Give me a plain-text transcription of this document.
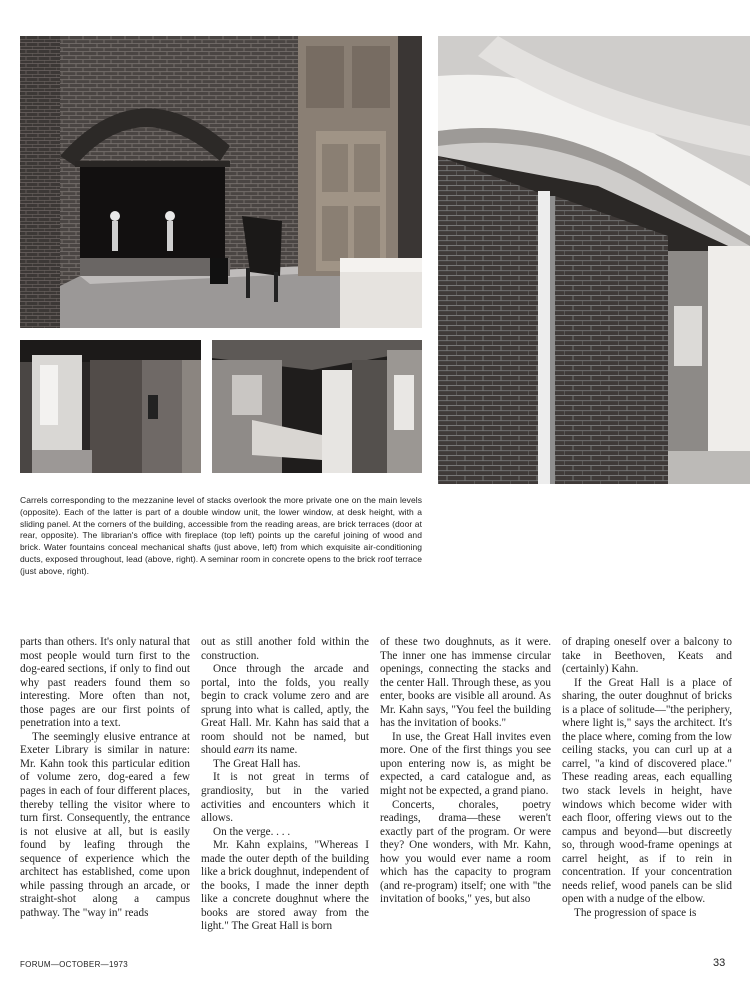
Carrels corresponding to the mezzanine level of stacks overlook the more private one on the main levels (opposite). Each of the latter is part of a double window unit, the lower window, at desk height, with a sliding panel. At the corners of the building, accessible from the reading areas, are brick terraces (door at rear, opposite). The librarian's office with fireplace (top left) points up the careful joining of wood and brick. Water fountains conceal mechanical shafts (just above, left) from which exquisite air-conditioning ducts, exposed throughout, lead (above, right). A seminar room in concrete opens to the brick roof terrace (just above, right).

parts than others. It's only natural that most people would turn first to the dog-eared sections, if only to find out why past readers found them so interesting. More often than not, those pages are our first points of penetration into a text.

The seemingly elusive entrance at Exeter Library is similar in nature: Mr. Kahn took this particular edition of volume zero, dog-eared a few pages in each of four different places, thereby telling the visitor where to turn first. Consequently, the entrance is not elusive at all, but is easily found by leafing through the sequence of experience which the architect has established, come upon while passing through an arcade, or straight-shot along a campus pathway. The "way in" reads

out as still another fold within the construction.

Once through the arcade and portal, into the folds, you really begin to crack volume zero and are sprung into what is called, aptly, the Great Hall. Mr. Kahn has said that a room should not be named, but should earn its name.

The Great Hall has.

It is not great in terms of grandiosity, but in the varied activities and encounters which it allows.

On the verge. . . .

Mr. Kahn explains, "Whereas I made the outer depth of the building like a brick doughnut, independent of the books, I made the inner depth like a concrete doughnut where the books are stored away from the light." The Great Hall is born

of these two doughnuts, as it were. The inner one has immense circular openings, connecting the stacks and the center Hall. Through these, as you enter, books are visible all around. As Mr. Kahn says, "You feel the building has the invitation of books."

In use, the Great Hall invites even more. One of the first things you see upon entering now is, as might be expected, a card catalogue and, as might not be expected, a grand piano.

Concerts, chorales, poetry readings, drama—these weren't exactly part of the program. Or were they? One wonders, with Mr. Kahn, how you would ever name a room which has the capacity to program (and re-program) itself; one with "the invitation of books," yes, but also

of draping oneself over a balcony to take in Beethoven, Keats and (certainly) Kahn.

If the Great Hall is a place of sharing, the outer doughnut of bricks is a place of solitude—"the periphery, where light is," says the architect. It's the place where, coming from the low ceiling stacks, you can curl up at a carrel, "a kind of discovered place." These reading areas, each equalling two stack levels in height, have windows which become wider with each floor, offering views out to the campus and beyond—but discreetly so, through wood-frame openings at carrel height, as if to rein in concentration. If your concentration needs relief, wood panels can be slid open with a nudge of the elbow.

The progression of space is

FORUM—OCTOBER—1973	33
